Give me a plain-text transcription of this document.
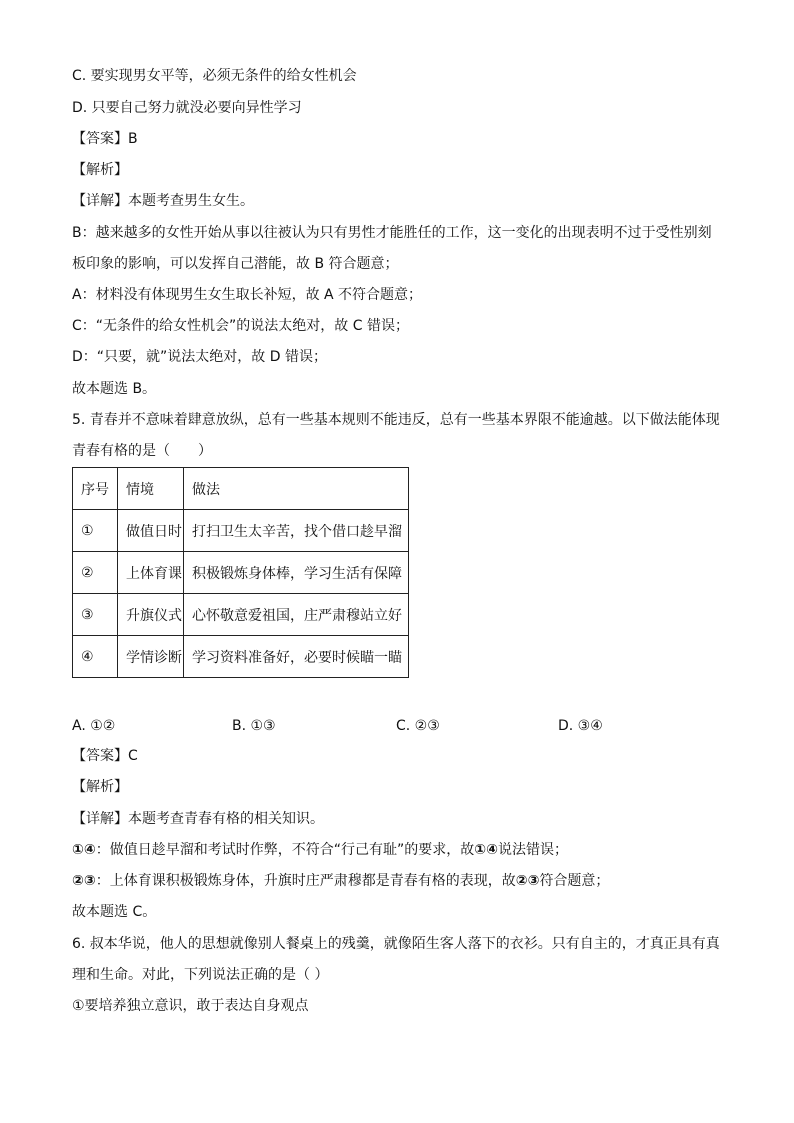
C. 要实现男女平等，必须无条件的给女性机会
D. 只要自己努力就没必要向异性学习
【答案】B
【解析】
【详解】本题考查男生女生。
B：越来越多的女性开始从事以往被认为只有男性才能胜任的工作，这一变化的出现表明不过于受性别刻
板印象的影响，可以发挥自己潜能，故 B 符合题意；
A：材料没有体现男生女生取长补短，故 A 不符合题意；
C：“无条件的给女性机会”的说法太绝对，故 C 错误；
D：“只要，就”说法太绝对，故 D 错误；
故本题选 B。
5. 青春并不意味着肆意放纵，总有一些基本规则不能违反，总有一些基本界限不能逾越。以下做法能体现
青春有格的是（　　）
序号	情境	做法
①	做值日时	打扫卫生太辛苦，找个借口趁早溜
②	上体育课	积极锻炼身体棒，学习生活有保障
③	升旗仪式	心怀敬意爱祖国，庄严肃穆站立好
④	学情诊断	学习资料准备好，必要时候瞄一瞄
A. ①②	B. ①③	C. ②③	D. ③④
【答案】C
【解析】
【详解】本题考查青春有格的相关知识。
①④：做值日趁早溜和考试时作弊，不符合“行己有耻”的要求，故①④说法错误；
②③：上体育课积极锻炼身体，升旗时庄严肃穆都是青春有格的表现，故②③符合题意；
故本题选 C。
6. 叔本华说，他人的思想就像别人餐桌上的残羹，就像陌生客人落下的衣衫。只有自主的，才真正具有真
理和生命。对此，下列说法正确的是（ ）
①要培养独立意识，敢于表达自身观点
